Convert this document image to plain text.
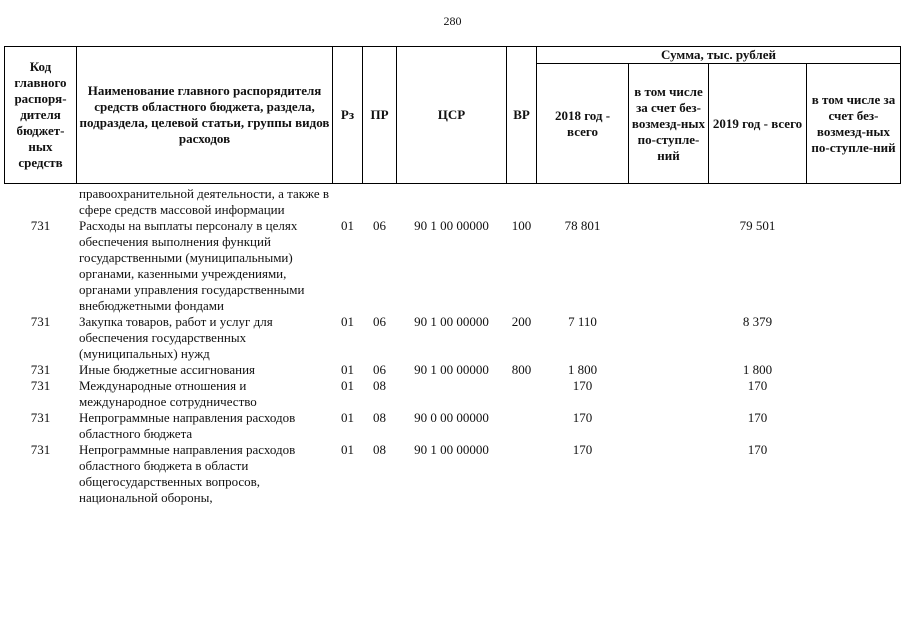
280
Код главного распоря-дителя бюджет-ных средств	Наименование главного распорядителя средств областного бюджета, раздела, подраздела, целевой статьи, группы видов расходов	Рз	ПР	ЦСР	ВР	Сумма, тыс. рублей			
						2018 год - всего	в том числе за счет без-возмезд-ных по-ступле-ний	2019 год - всего	в том числе за счет без-возмезд-ных по-ступле-ний
	правоохранительной деятельности, а также в сфере средств массовой информации								
731	Расходы на выплаты персоналу в целях обеспечения выполнения функций государственными (муниципальными) органами, казенными учреждениями, органами управления государственными внебюджетными фондами	01	06	90 1 00 00000	100	78 801		79 501	
731	Закупка товаров, работ и услуг для обеспечения государственных (муниципальных) нужд	01	06	90 1 00 00000	200	7 110		8 379	
731	Иные бюджетные ассигнования	01	06	90 1 00 00000	800	1 800		1 800	
731	Международные отношения и международное сотрудничество	01	08			170		170	
731	Непрограммные направления расходов областного бюджета	01	08	90 0 00 00000		170		170	
731	Непрограммные направления расходов областного бюджета в области общегосударственных вопросов, национальной обороны,	01	08	90 1 00 00000		170		170	
